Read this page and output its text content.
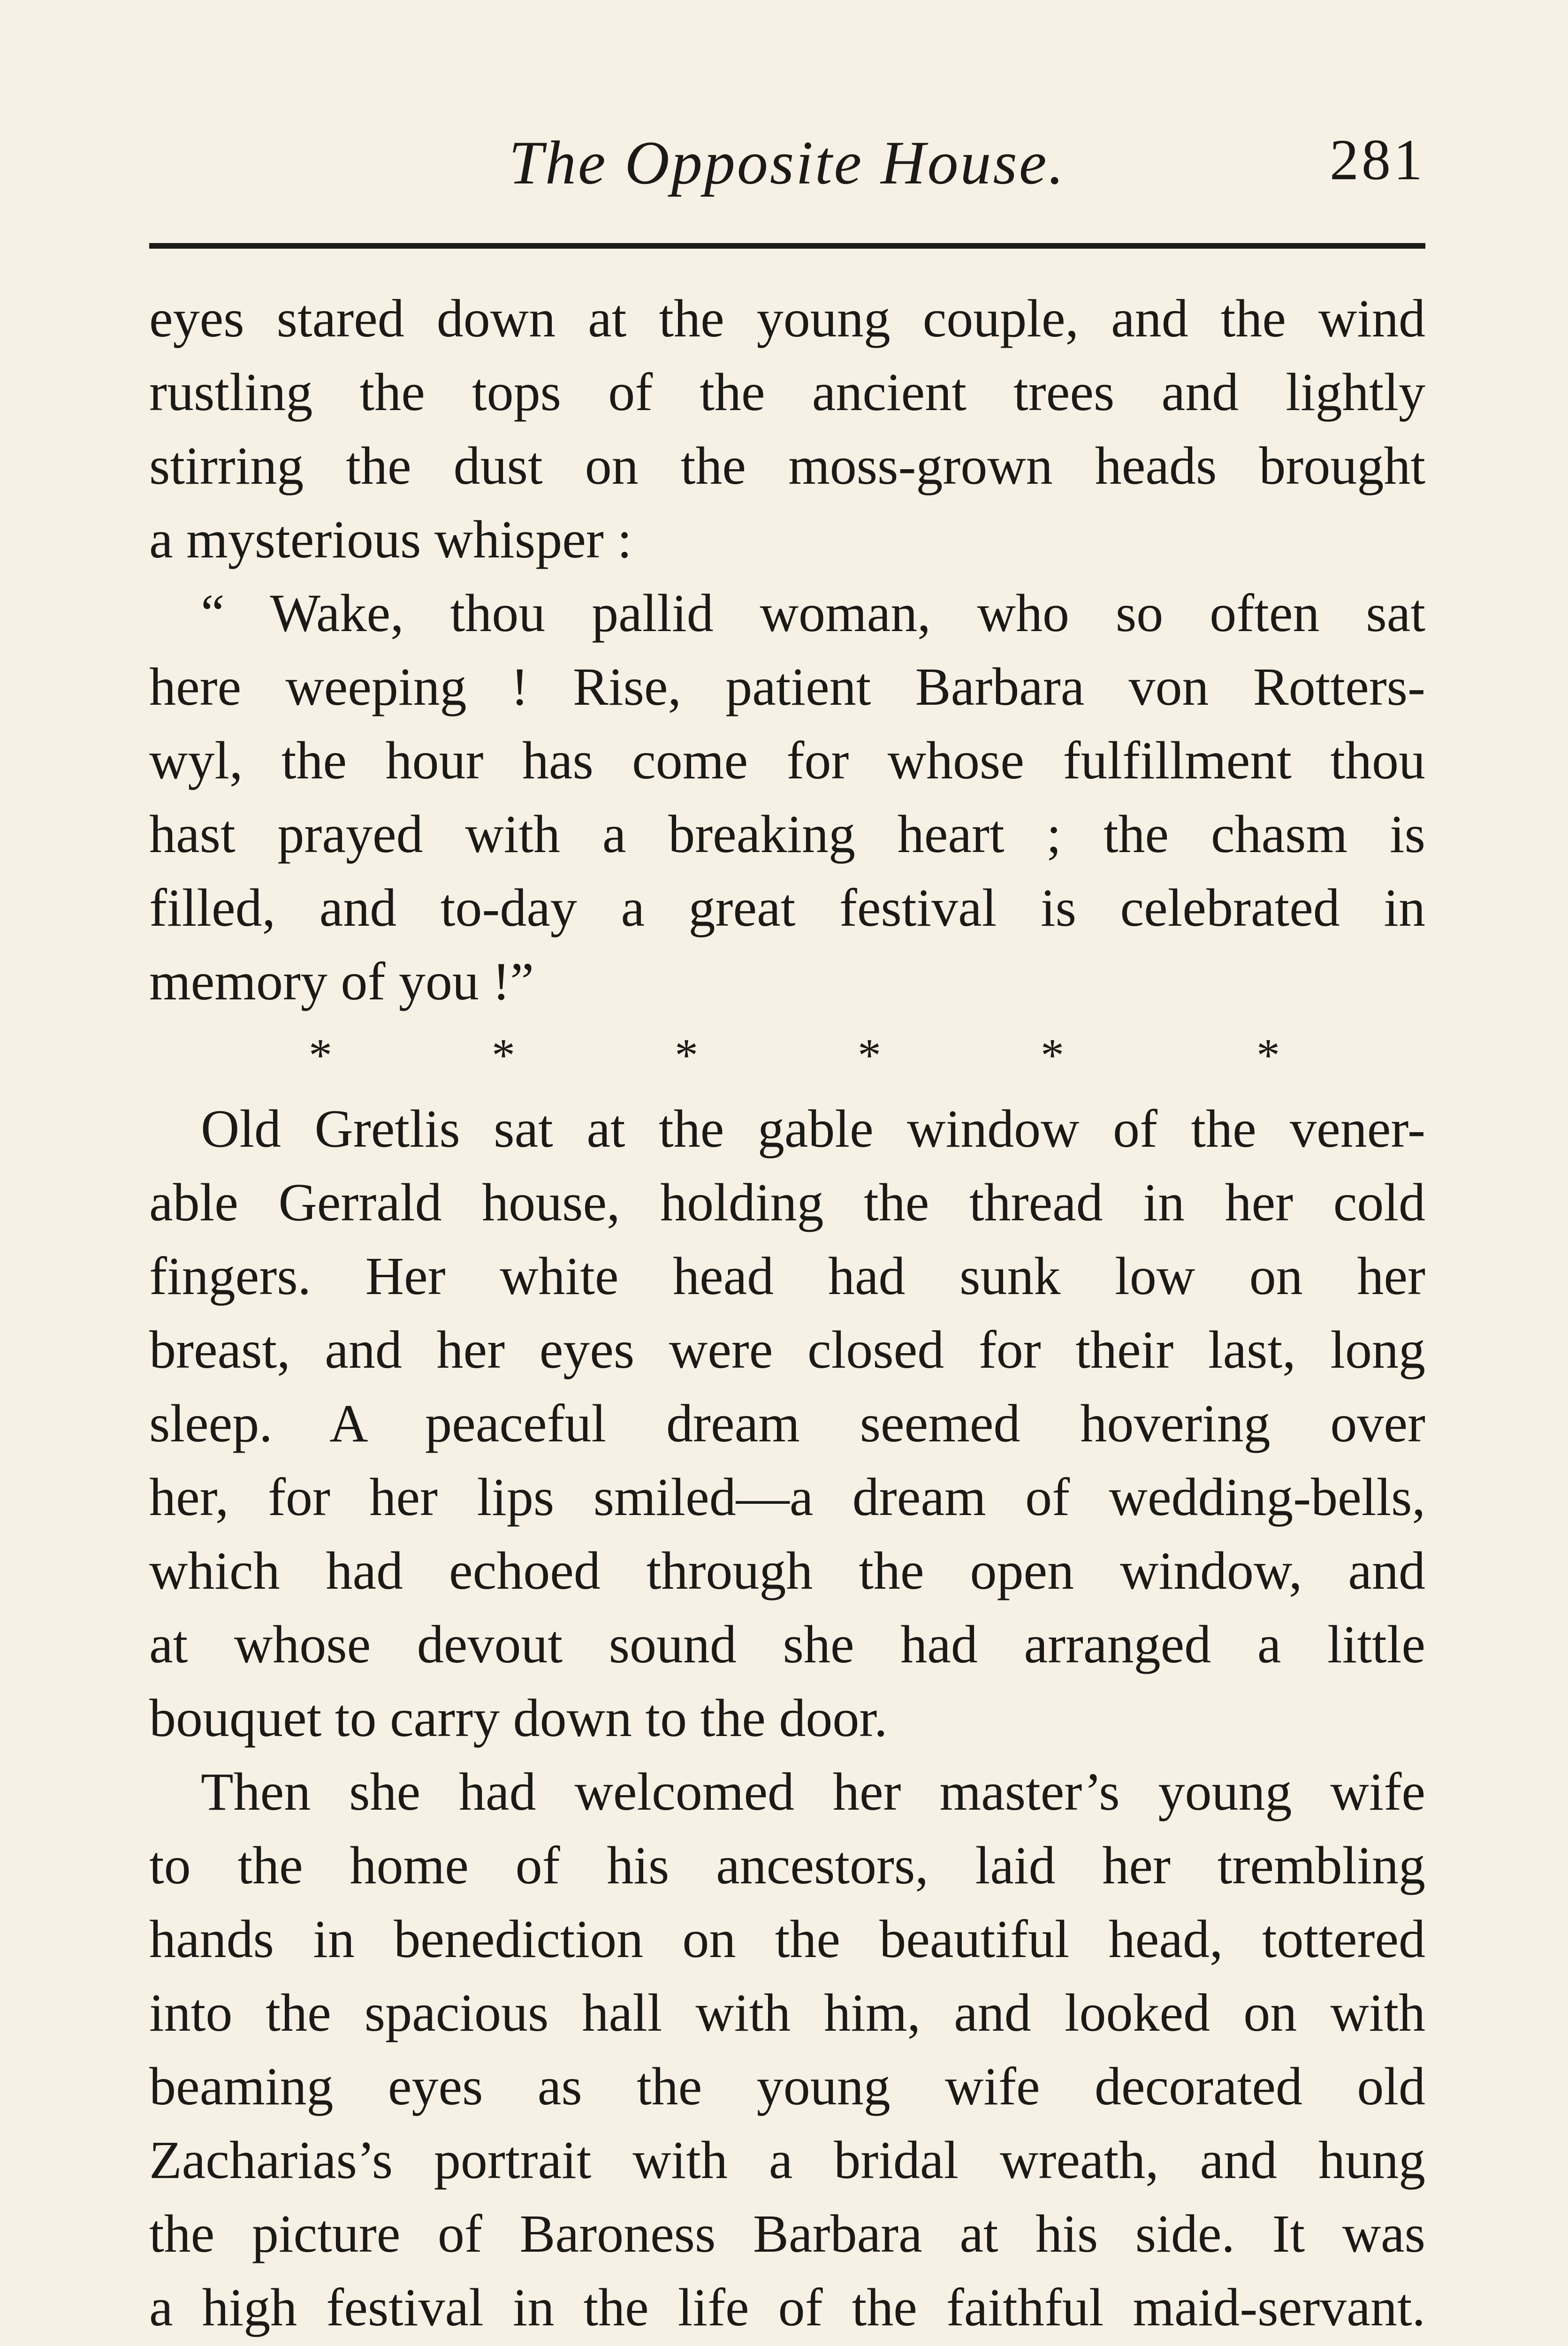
The Opposite House.	281
eyes stared down at the young couple, and the wind
rustling the tops of the ancient trees and lightly
stirring the dust on the moss-grown heads brought
a mysterious whisper :
“ Wake, thou pallid woman, who so often sat
here weeping ! Rise, patient Barbara von Rotters-
wyl, the hour has come for whose fulfillment thou
hast prayed with a breaking heart ; the chasm is
filled, and to-day a great festival is celebrated in
memory of you !”
*	*	*	*	*	*
Old Gretlis sat at the gable window of the vener-
able Gerrald house, holding the thread in her cold
fingers. Her white head had sunk low on her
breast, and her eyes were closed for their last, long
sleep. A peaceful dream seemed hovering over
her, for her lips smiled—a dream of wedding-bells,
which had echoed through the open window, and
at whose devout sound she had arranged a little
bouquet to carry down to the door.
Then she had welcomed her master’s young wife
to the home of his ancestors, laid her trembling
hands in benediction on the beautiful head, tottered
into the spacious hall with him, and looked on with
beaming eyes as the young wife decorated old
Zacharias’s portrait with a bridal wreath, and hung
the picture of Baroness Barbara at his side. It was
a high festival in the life of the faithful maid-servant.
